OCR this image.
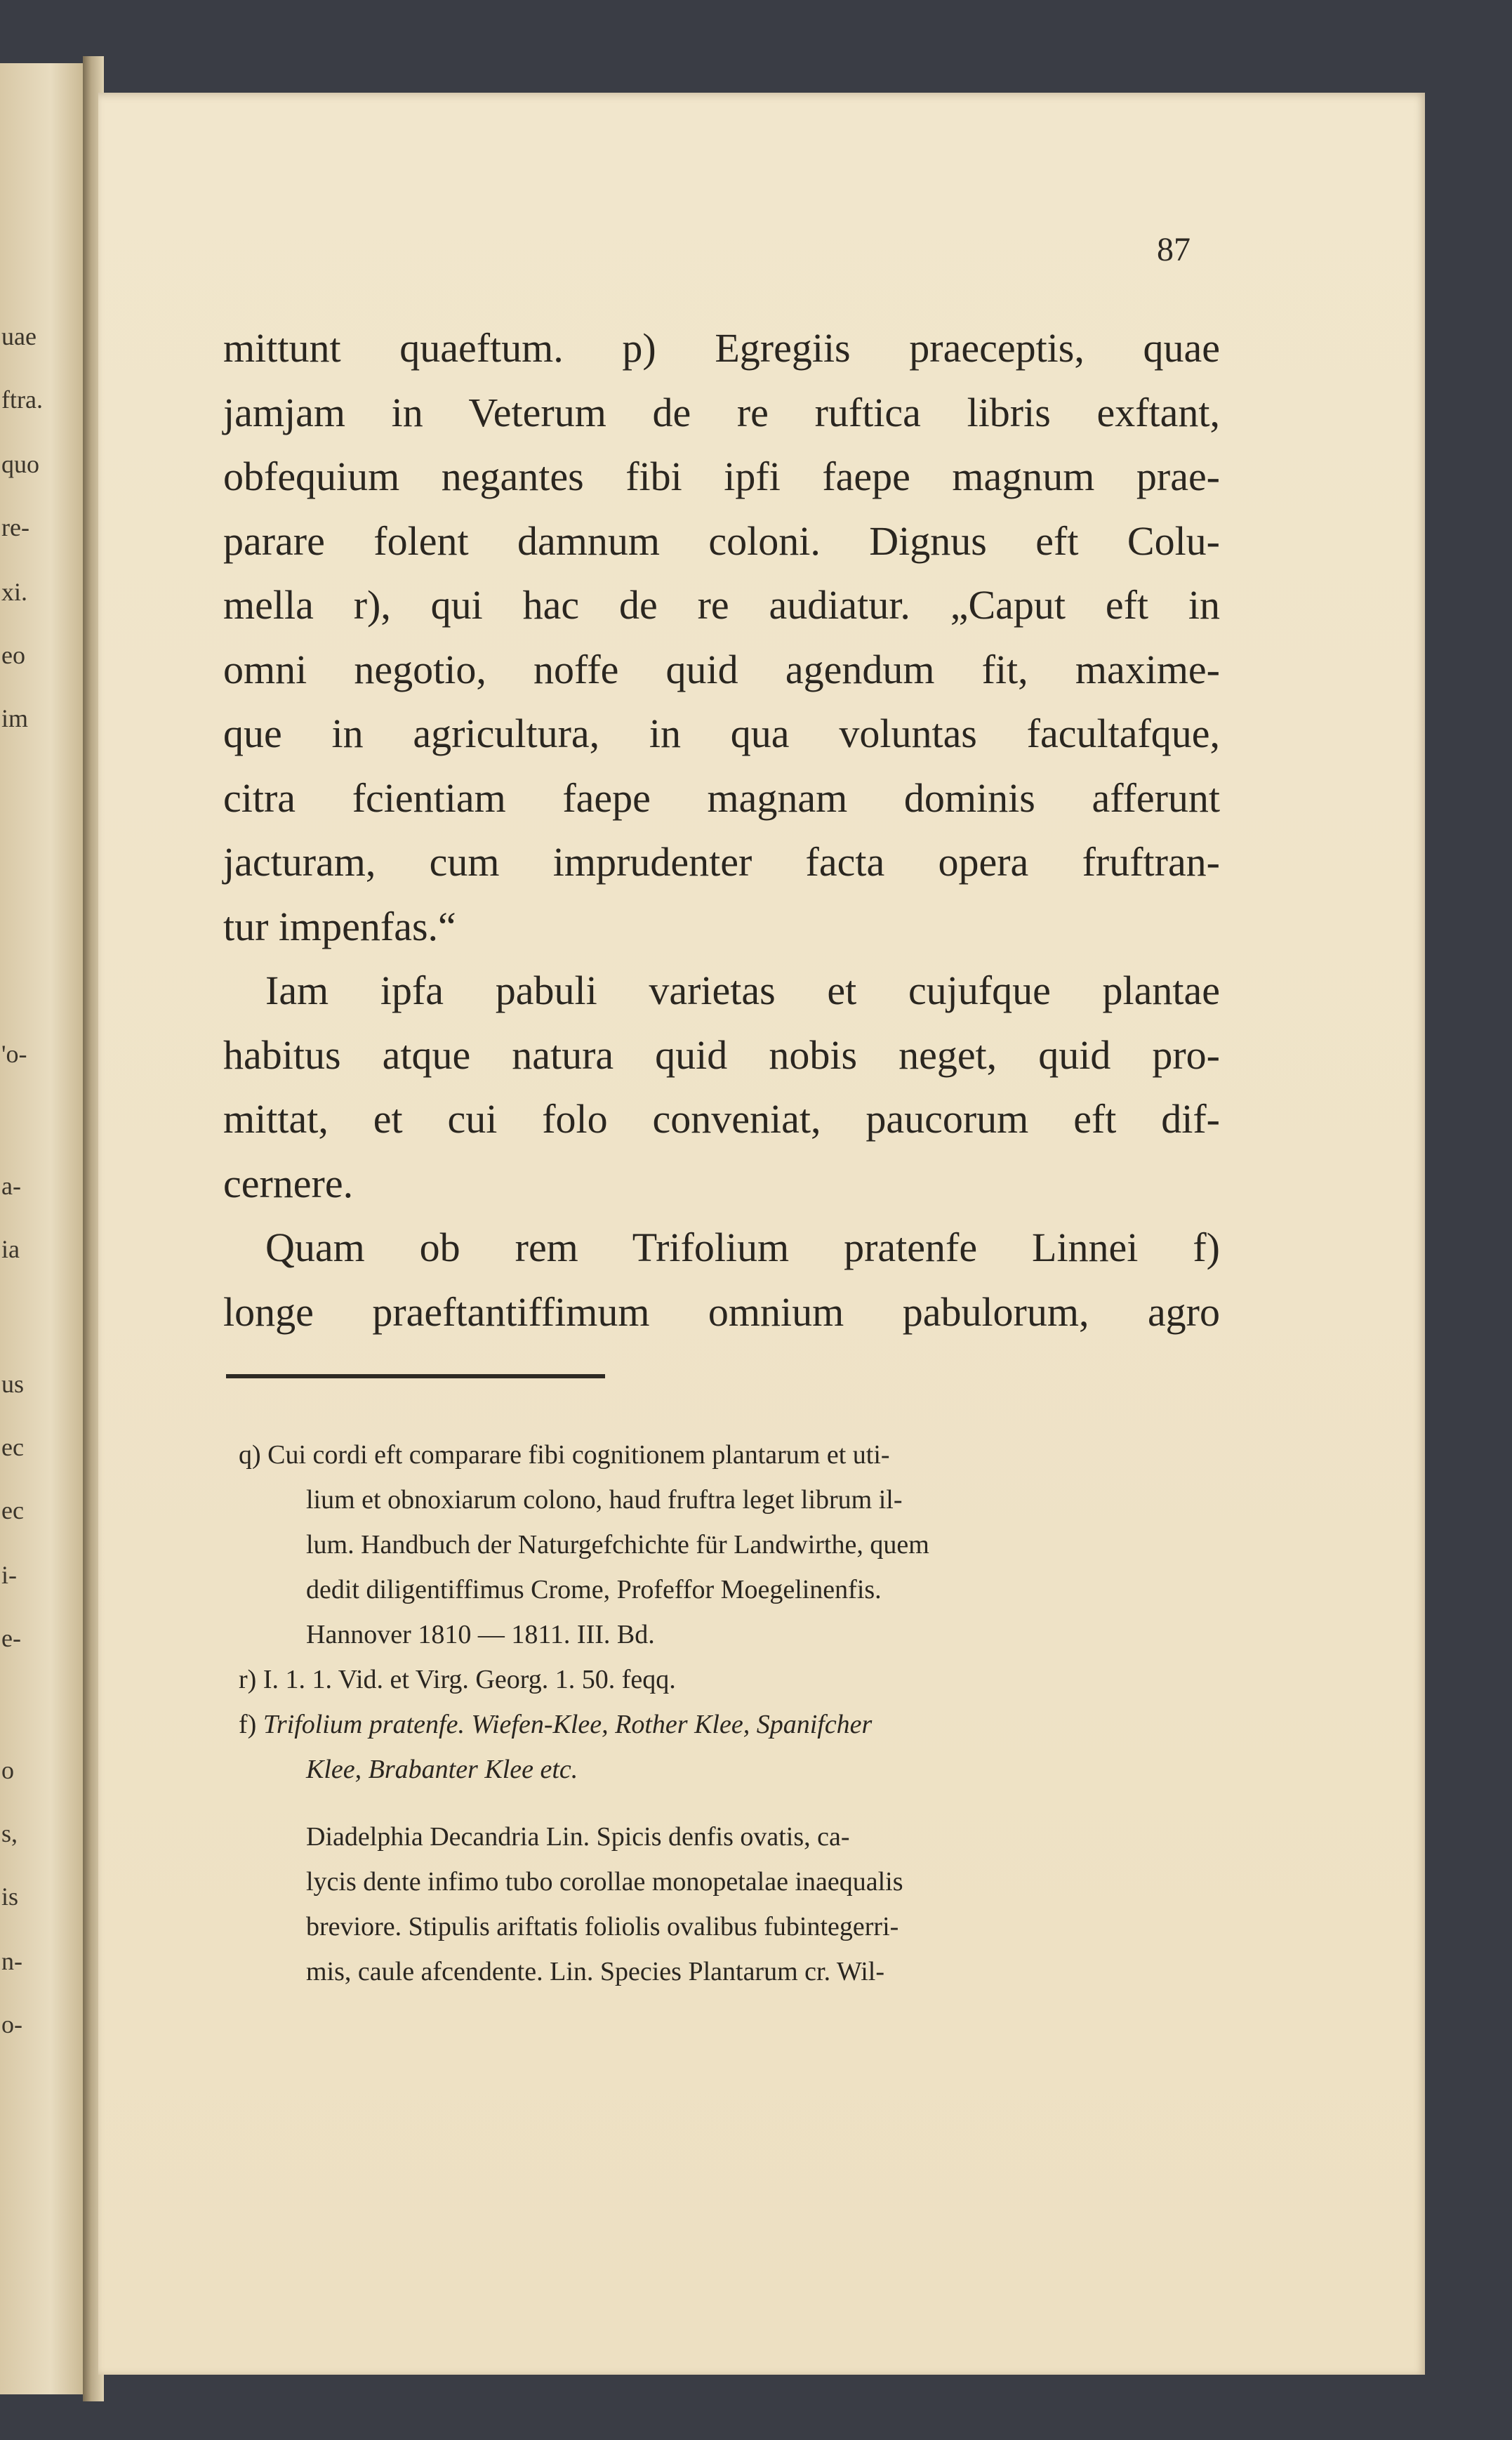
uae
ftra.
quo
re-
xi.
eo
im
'o-
a-
ia
us
ec
ec
i-
e-
o
s,
is
n-
o-
87
mittunt quaeftum. p) Egregiis praeceptis, quae
jamjam in Veterum de re ruftica libris exftant,
obfequium negantes fibi ipfi faepe magnum prae-
parare folent damnum coloni. Dignus eft Colu-
mella r), qui hac de re audiatur. „Caput eft in
omni negotio, noffe quid agendum fit, maxime-
que in agricultura, in qua voluntas facultafque,
citra fcientiam faepe magnam dominis afferunt
jacturam, cum imprudenter facta opera fruftran-
tur impenfas.“
Iam ipfa pabuli varietas et cujufque plantae
habitus atque natura quid nobis neget, quid pro-
mittat, et cui folo conveniat, paucorum eft dif-
cernere.
Quam ob rem Trifolium pratenfe Linnei f)
longe praeftantiffimum omnium pabulorum, agro
q) Cui cordi eft comparare fibi cognitionem plantarum et uti-
lium et obnoxiarum colono, haud fruftra leget librum il-
lum. Handbuch der Naturgefchichte für Landwirthe, quem
dedit diligentiffimus Crome, Profeffor Moegelinenfis.
Hannover 1810 — 1811. III. Bd.
r) I. 1. 1. Vid. et Virg. Georg. 1. 50. feqq.
f) Trifolium pratenfe. Wiefen-Klee, Rother Klee, Spanifcher
Klee, Brabanter Klee etc.
Diadelphia Decandria Lin. Spicis denfis ovatis, ca-
lycis dente infimo tubo corollae monopetalae inaequalis
breviore. Stipulis ariftatis foliolis ovalibus fubintegerri-
mis, caule afcendente. Lin. Species Plantarum cr. Wil-
